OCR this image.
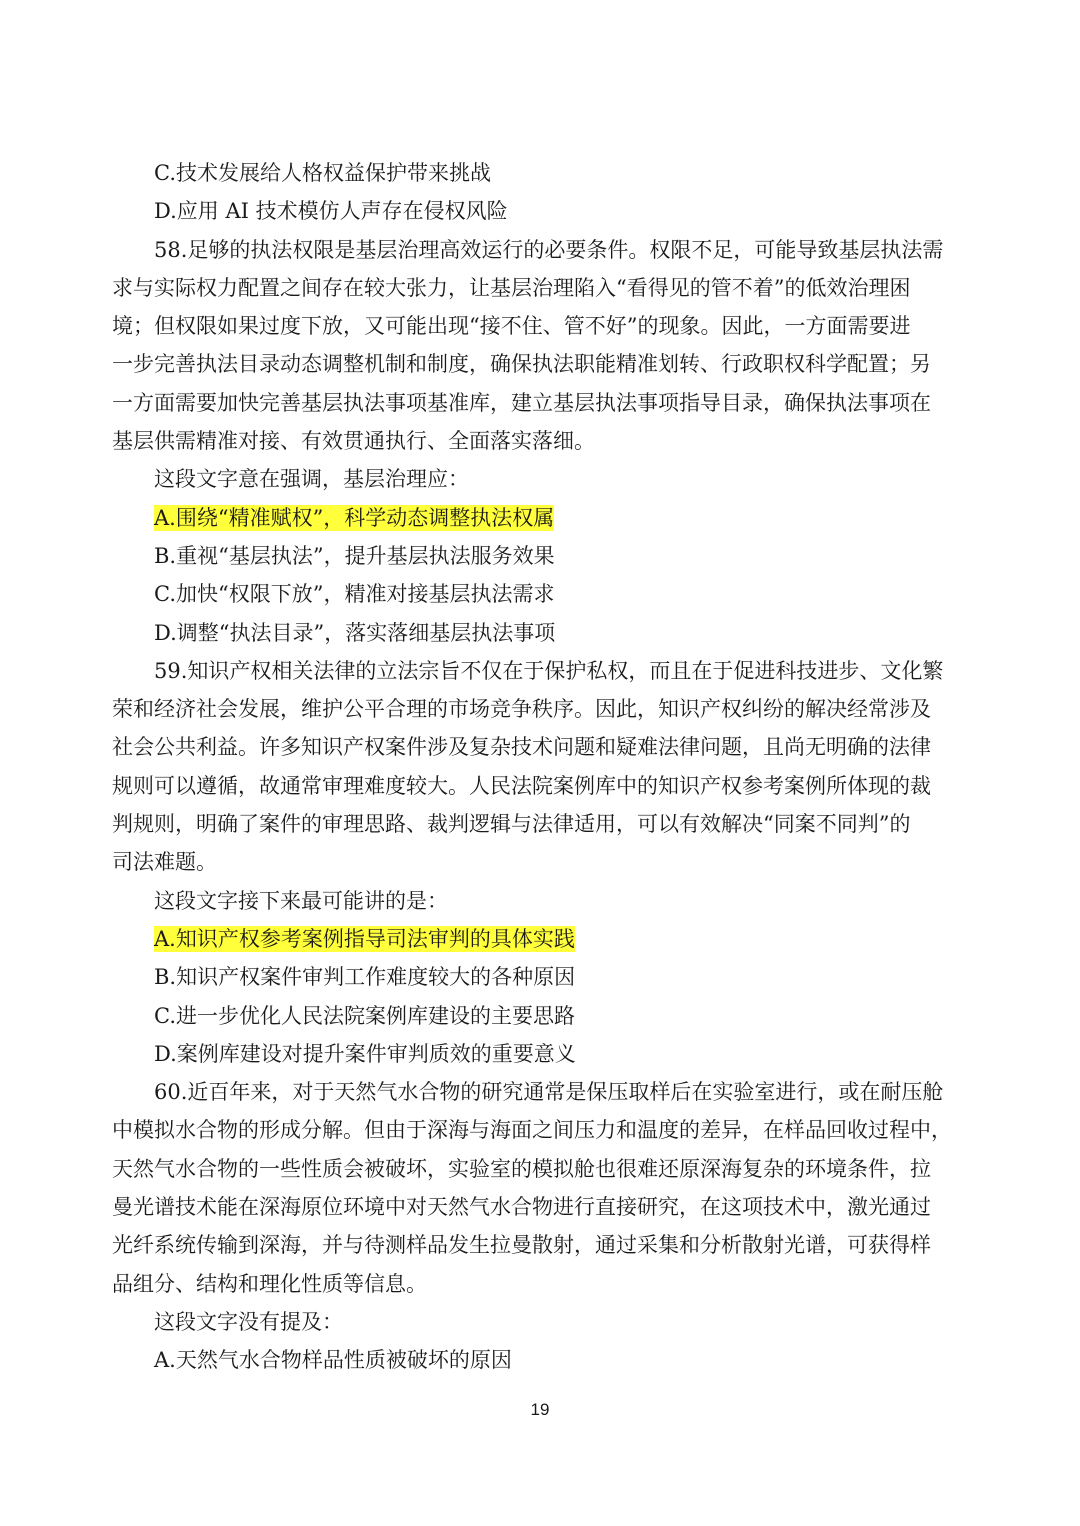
C.技术发展给人格权益保护带来挑战
D.应用 AI 技术模仿人声存在侵权风险
58.足够的执法权限是基层治理高效运行的必要条件。权限不足，可能导致基层执法需
求与实际权力配置之间存在较大张力，让基层治理陷入“看得见的管不着”的低效治理困
境；但权限如果过度下放，又可能出现“接不住、管不好”的现象。因此，一方面需要进
一步完善执法目录动态调整机制和制度，确保执法职能精准划转、行政职权科学配置；另
一方面需要加快完善基层执法事项基准库，建立基层执法事项指导目录，确保执法事项在
基层供需精准对接、有效贯通执行、全面落实落细。
这段文字意在强调，基层治理应：
A.围绕“精准赋权”，科学动态调整执法权属
B.重视“基层执法”，提升基层执法服务效果
C.加快“权限下放”，精准对接基层执法需求
D.调整“执法目录”，落实落细基层执法事项
59.知识产权相关法律的立法宗旨不仅在于保护私权，而且在于促进科技进步、文化繁
荣和经济社会发展，维护公平合理的市场竞争秩序。因此，知识产权纠纷的解决经常涉及
社会公共利益。许多知识产权案件涉及复杂技术问题和疑难法律问题，且尚无明确的法律
规则可以遵循，故通常审理难度较大。人民法院案例库中的知识产权参考案例所体现的裁
判规则，明确了案件的审理思路、裁判逻辑与法律适用，可以有效解决“同案不同判”的
司法难题。
这段文字接下来最可能讲的是：
A.知识产权参考案例指导司法审判的具体实践
B.知识产权案件审判工作难度较大的各种原因
C.进一步优化人民法院案例库建设的主要思路
D.案例库建设对提升案件审判质效的重要意义
60.近百年来，对于天然气水合物的研究通常是保压取样后在实验室进行，或在耐压舱
中模拟水合物的形成分解。但由于深海与海面之间压力和温度的差异，在样品回收过程中，
天然气水合物的一些性质会被破坏，实验室的模拟舱也很难还原深海复杂的环境条件，拉
曼光谱技术能在深海原位环境中对天然气水合物进行直接研究，在这项技术中，激光通过
光纤系统传输到深海，并与待测样品发生拉曼散射，通过采集和分析散射光谱，可获得样
品组分、结构和理化性质等信息。
这段文字没有提及：
A.天然气水合物样品性质被破坏的原因
19
